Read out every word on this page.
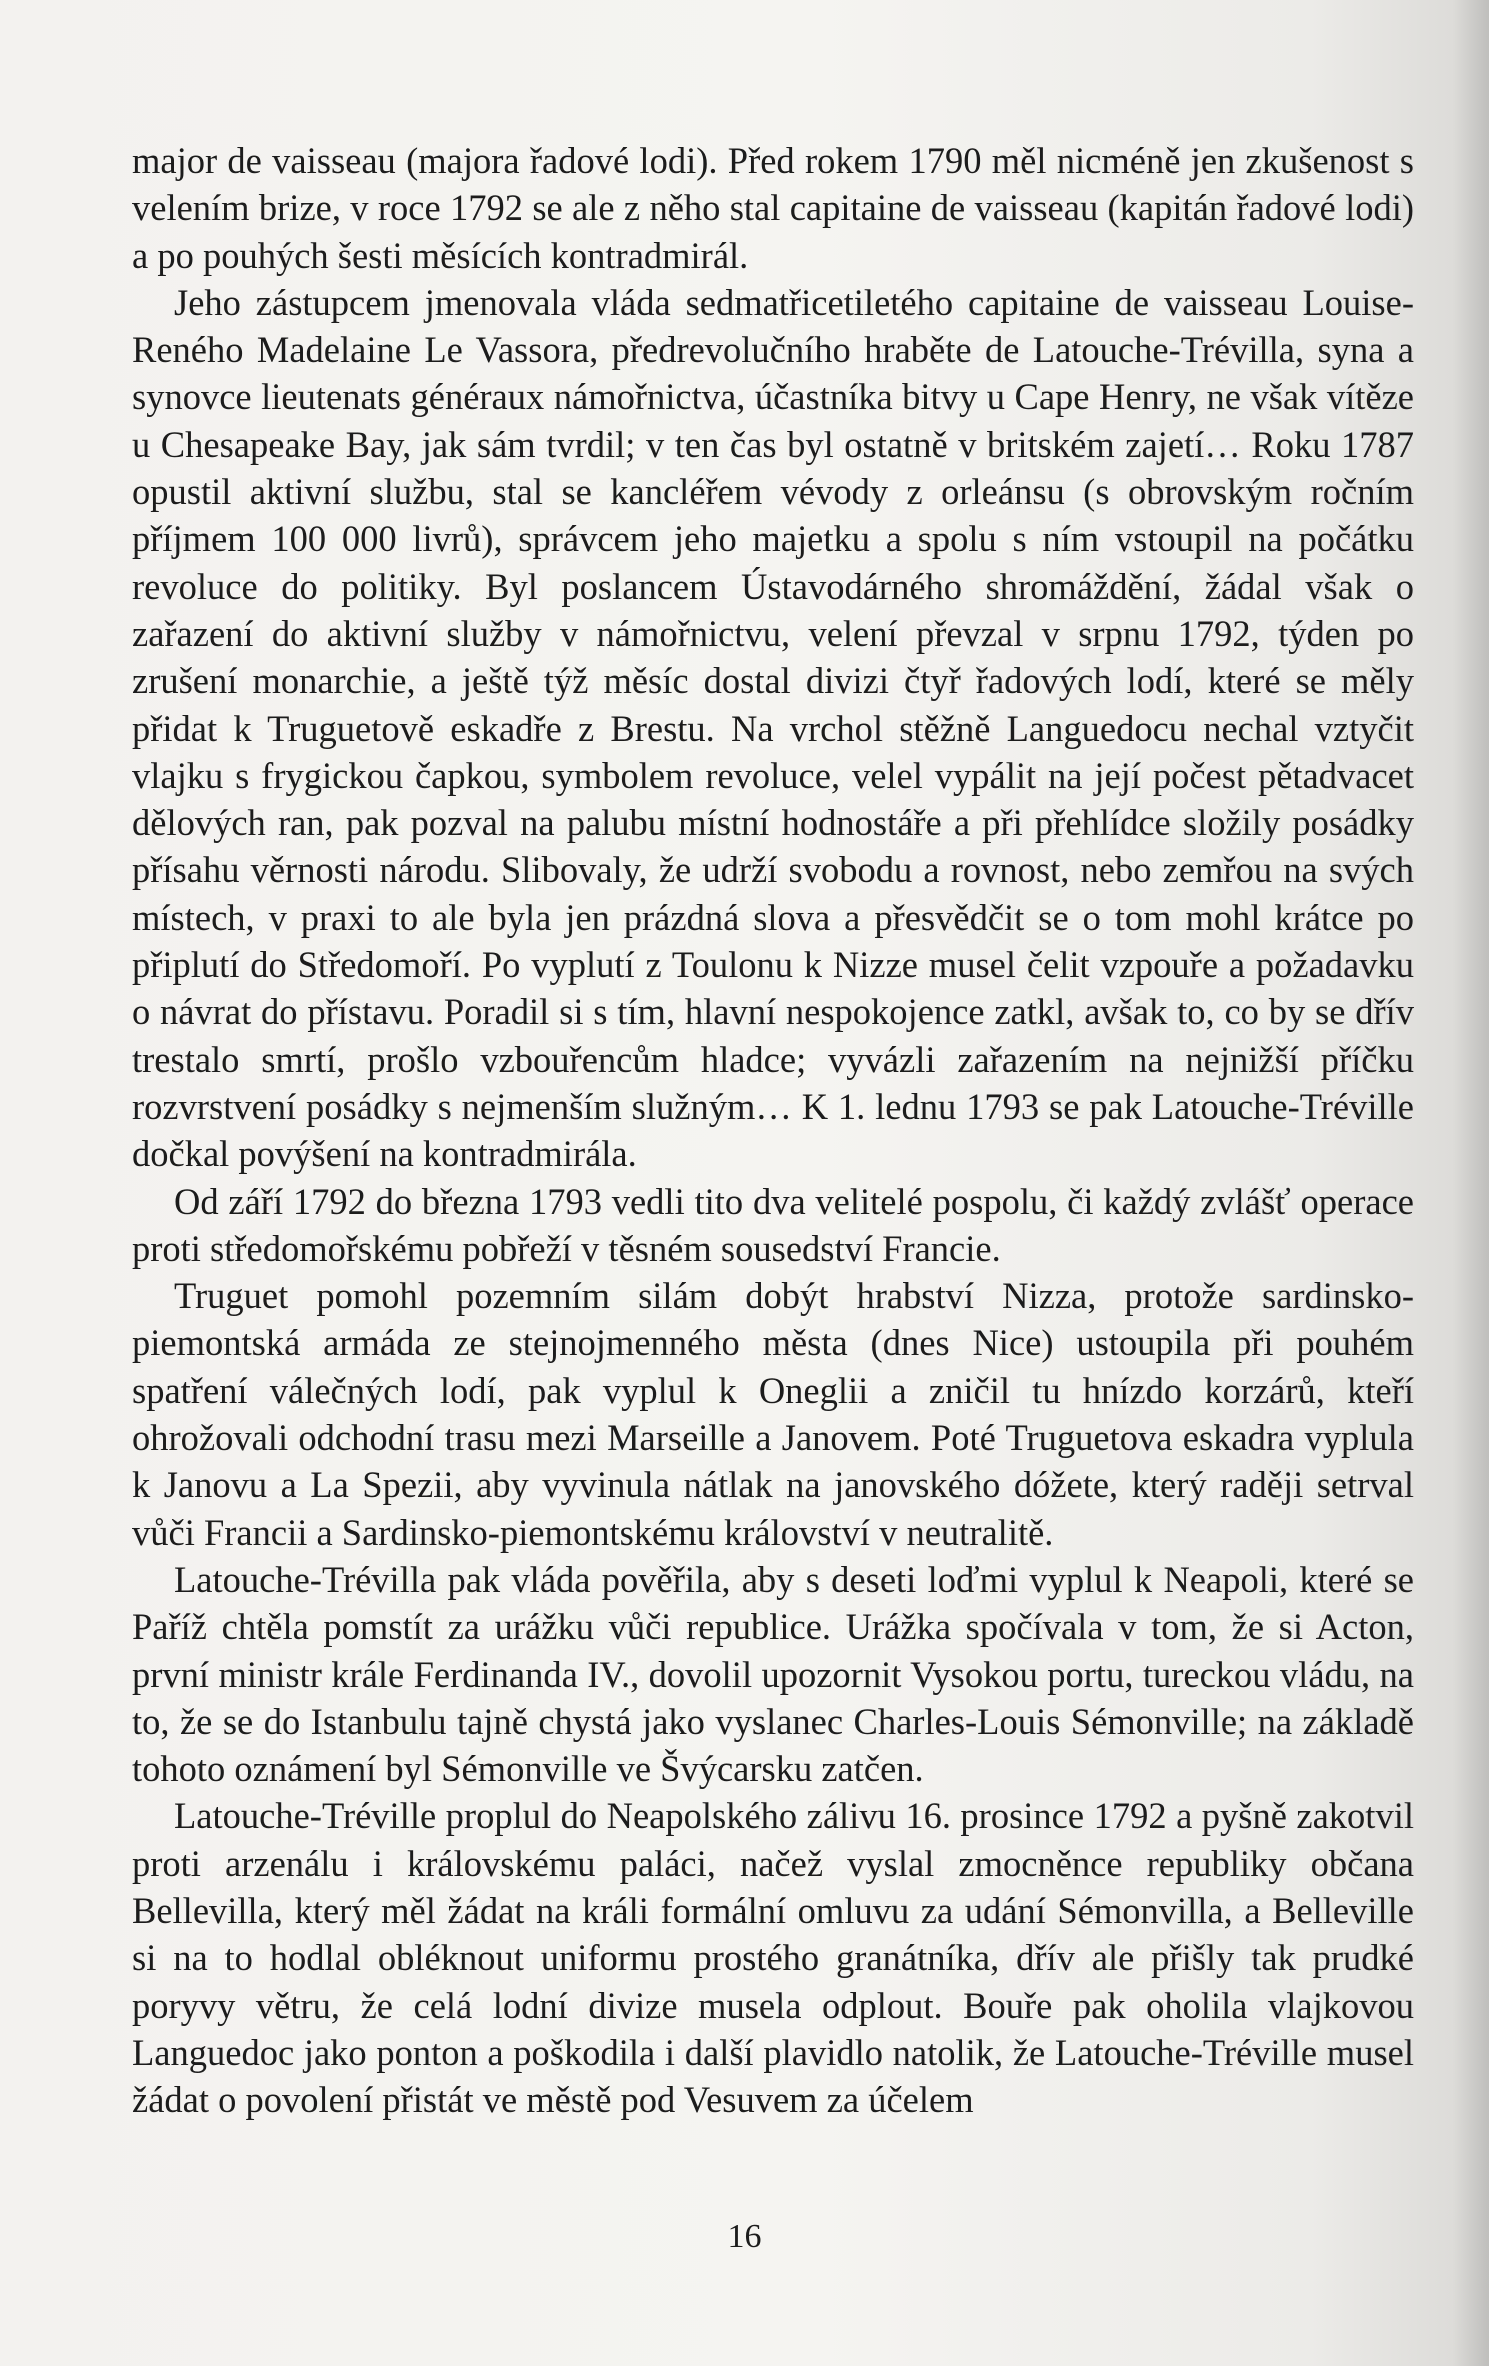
major de vaisseau (majora řadové lodi). Před rokem 1790 měl nicméně jen zkušenost s velením brize, v roce 1792 se ale z něho stal capitaine de vaisseau (kapitán řadové lodi) a po pouhých šesti měsících kontradmirál.

Jeho zástupcem jmenovala vláda sedmatřicetiletého capitaine de vaisseau Louise-Reného Madelaine Le Vassora, předrevolučního hraběte de Latouche-Trévilla, syna a synovce lieutenats généraux námořnictva, účastníka bitvy u Cape Henry, ne však vítěze u Chesapeake Bay, jak sám tvrdil; v ten čas byl ostatně v britském zajetí… Roku 1787 opustil aktivní službu, stal se kancléřem vévody z orleánsu (s obrovským ročním příjmem 100 000 livrů), správcem jeho majetku a spolu s ním vstoupil na počátku revoluce do politiky. Byl poslancem Ústavodárného shromáždění, žádal však o zařazení do aktivní služby v námořnictvu, velení převzal v srpnu 1792, týden po zrušení monarchie, a ještě týž měsíc dostal divizi čtyř řadových lodí, které se měly přidat k Truguetově eskadře z Brestu. Na vrchol stěžně Languedocu nechal vztyčit vlajku s frygickou čapkou, symbolem revoluce, velel vypálit na její počest pětadvacet dělových ran, pak pozval na palubu místní hodnostáře a při přehlídce složily posádky přísahu věrnosti národu. Slibovaly, že udrží svobodu a rovnost, nebo zemřou na svých místech, v praxi to ale byla jen prázdná slova a přesvědčit se o tom mohl krátce po připlutí do Středomoří. Po vyplutí z Toulonu k Nizze musel čelit vzpouře a požadavku o návrat do přístavu. Poradil si s tím, hlavní nespokojence zatkl, avšak to, co by se dřív trestalo smrtí, prošlo vzbouřencům hladce; vyvázli zařazením na nejnižší příčku rozvrstvení posádky s nejmenším služným… K 1. lednu 1793 se pak Latouche-Tréville dočkal povýšení na kontradmirála.

Od září 1792 do března 1793 vedli tito dva velitelé pospolu, či každý zvlášť operace proti středomořskému pobřeží v těsném sousedství Francie.

Truguet pomohl pozemním silám dobýt hrabství Nizza, protože sardinsko-piemontská armáda ze stejnojmenného města (dnes Nice) ustoupila při pouhém spatření válečných lodí, pak vyplul k Oneglii a zničil tu hnízdo korzárů, kteří ohrožovali odchodní trasu mezi Marseille a Janovem. Poté Truguetova eskadra vyplula k Janovu a La Spezii, aby vyvinula nátlak na janovského dóžete, který raději setrval vůči Francii a Sardinsko-piemontskému království v neutralitě.

Latouche-Trévilla pak vláda pověřila, aby s deseti loďmi vyplul k Neapoli, které se Paříž chtěla pomstít za urážku vůči republice. Urážka spočívala v tom, že si Acton, první ministr krále Ferdinanda IV., dovolil upozornit Vysokou portu, tureckou vládu, na to, že se do Istanbulu tajně chystá jako vyslanec Charles-Louis Sémonville; na základě tohoto oznámení byl Sémonville ve Švýcarsku zatčen.

Latouche-Tréville proplul do Neapolského zálivu 16. prosince 1792 a pyšně zakotvil proti arzenálu i královskému paláci, načež vyslal zmocněnce republiky občana Bellevilla, který měl žádat na králi formální omluvu za udání Sémonvilla, a Belleville si na to hodlal obléknout uniformu prostého granátníka, dřív ale přišly tak prudké poryvy větru, že celá lodní divize musela odplout. Bouře pak oholila vlajkovou Languedoc jako ponton a poškodila i další plavidlo natolik, že Latouche-Tréville musel žádat o povolení přistát ve městě pod Vesuvem za účelem

16
